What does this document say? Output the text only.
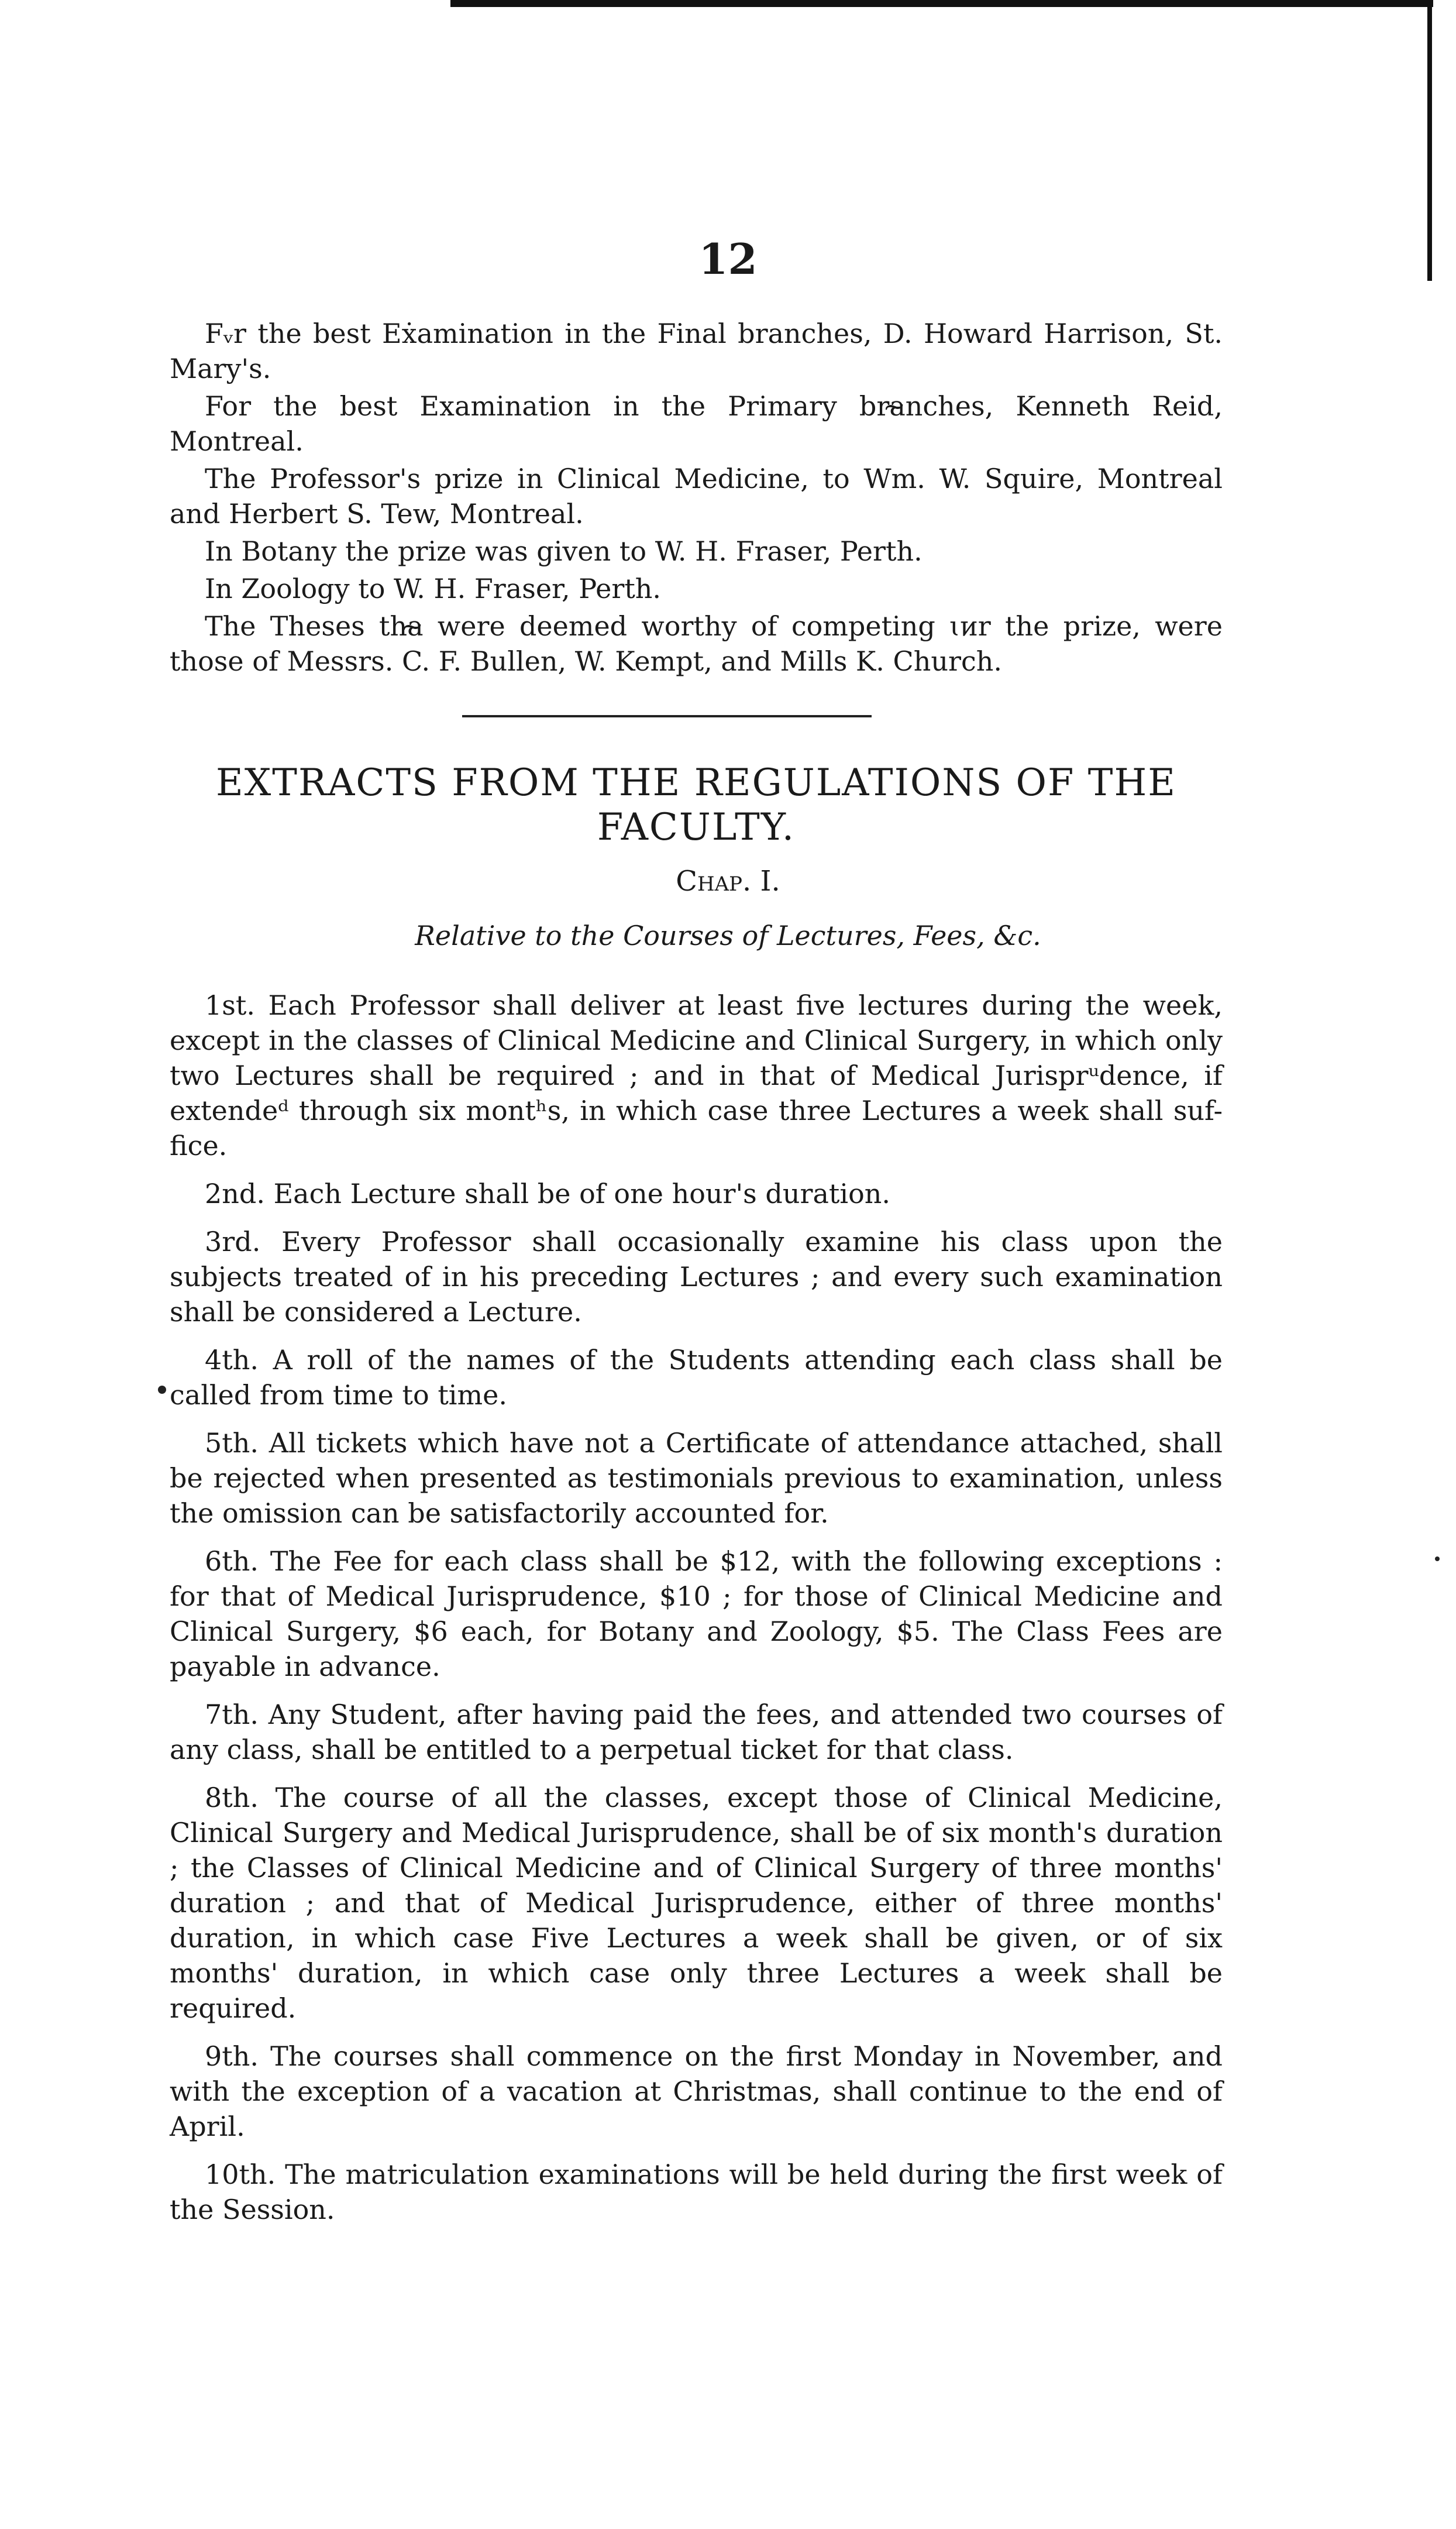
12

Fᵥr the best Eẋamination in the Final branches, D. Howard Harrison, St. Mary's.

For the best Examination in the Primary bra̴nches, Kenneth Reid, Montreal.

The Professor's prize in Clinical Medicine, to Wm. W. Squire, Montreal and Herbert S. Tew, Montreal.

In Botany the prize was given to W. H. Fraser, Perth.

In Zoology to W. H. Fraser, Perth.

The Theses tha̴ were deemed worthy of competing ɩᴎr the prize, were those of Messrs. C. F. Bullen, W. Kempt, and Mills K. Church.

EXTRACTS FROM THE REGULATIONS OF THE FACULTY.
Chap. I.
Relative to the Courses of Lectures, Fees, &c.

1st. Each Professor shall deliver at least five lectures during the week, except in the classes of Clinical Medicine and Clinical Surgery, in which only two Lectures shall be required ; and in that of Medical Jurisprᵘdence, if extendeᵈ through six montʰs, in which case three Lectures a week shall suf- fice.

2nd. Each Lecture shall be of one hour's duration.

3rd. Every Professor shall occasionally examine his class upon the subjects treated of in his preceding Lectures ; and every such examination shall be considered a Lecture.

4th. A roll of the names of the Students attending each class shall be called from time to time.

5th. All tickets which have not a Certificate of attendance attached, shall be rejected when presented as testimonials previous to examination, unless the omission can be satisfactorily accounted for.

6th. The Fee for each class shall be $12, with the following exceptions : for that of Medical Jurisprudence, $10 ; for those of Clinical Medicine and Clinical Surgery, $6 each, for Botany and Zoology, $5. The Class Fees are payable in advance.

7th. Any Student, after having paid the fees, and attended two courses of any class, shall be entitled to a perpetual ticket for that class.

8th. The course of all the classes, except those of Clinical Medicine, Clinical Surgery and Medical Jurisprudence, shall be of six month's duration ; the Classes of Clinical Medicine and of Clinical Surgery of three months' duration ; and that of Medical Jurisprudence, either of three months' duration, in which case Five Lectures a week shall be given, or of six months' duration, in which case only three Lectures a week shall be required.

9th. The courses shall commence on the first Monday in November, and with the exception of a vacation at Christmas, shall continue to the end of April.

10th. The matriculation examinations will be held during the first week of the Session.
